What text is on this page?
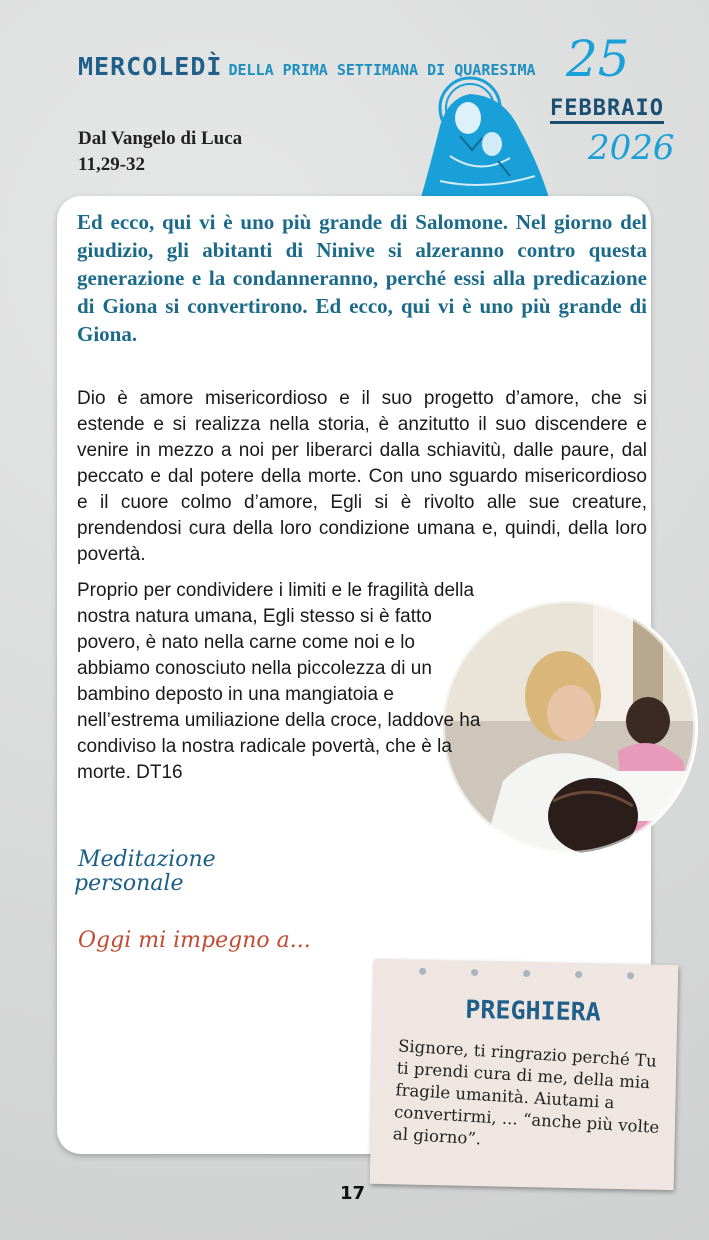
MERCOLEDÌ DELLA PRIMA SETTIMANA DI QUARESIMA 25
FEBBRAIO
2026
Dal Vangelo di Luca
11,29-32
Ed ecco, qui vi è uno più grande di Salomone. Nel giorno del giudizio, gli abitanti di Ninive si alzeranno contro questa generazione e la condanneranno, perché essi alla predicazione di Giona si convertirono. Ed ecco, qui vi è uno più grande di Giona.
Dio è amore misericordioso e il suo progetto d’amore, che si estende e si realizza nella storia, è anzitutto il suo discendere e venire in mezzo a noi per liberarci dalla schiavitù, dalle paure, dal peccato e dal potere della morte. Con uno sguardo misericordioso e il cuore colmo d’amore, Egli si è rivolto alle sue creature, prendendosi cura della loro condizione umana e, quindi, della loro povertà.
Proprio per condividere i limiti e le fragilità della nostra natura umana, Egli stesso si è fatto povero, è nato nella carne come noi e lo abbiamo conosciuto nella piccolezza di un bambino deposto in una mangiatoia e nell’estrema umiliazione della croce, laddove ha condiviso la nostra radicale povertà, che è la morte. DT16
Meditazione
personale
Oggi mi impegno a...
PREGHIERA
Signore, ti ringrazio perché Tu ti prendi cura di me, della mia fragile umanità. Aiutami a convertirmi, ... “anche più volte al giorno”.
17
